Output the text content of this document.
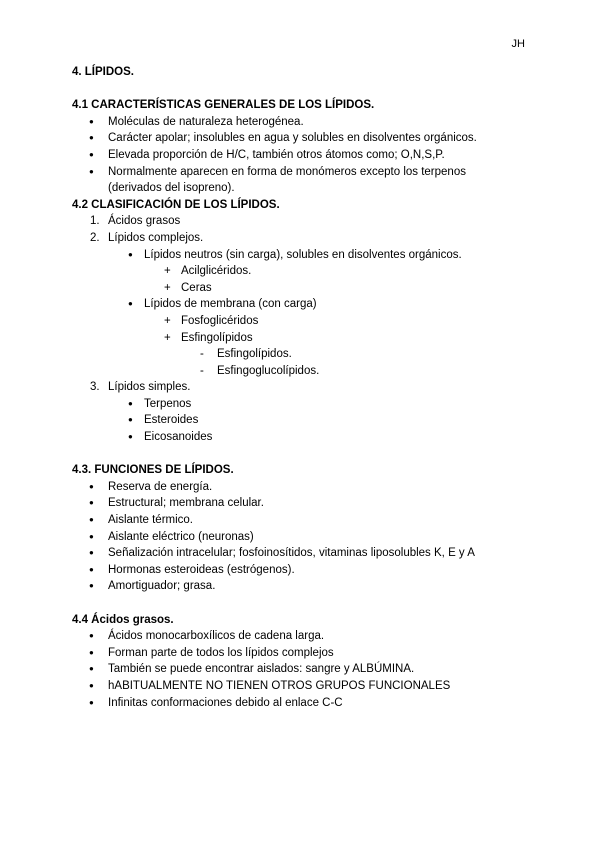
JH

4. LÍPIDOS.

4.1 CARACTERÍSTICAS GENERALES DE LOS LÍPIDOS.

● Moléculas de naturaleza heterogénea.
● Carácter apolar; insolubles en agua y solubles en disolventes orgánicos.
● Elevada proporción de H/C, también otros átomos como; O,N,S,P.
● Normalmente aparecen en forma de monómeros excepto los terpenos
(derivados del isopreno).

4.2 CLASIFICACIÓN DE LOS LÍPIDOS.

1. Ácidos grasos
2. Lípidos complejos.
● Lípidos neutros (sin carga), solubles en disolventes orgánicos.
+ Acilglicéridos.
+ Ceras
● Lípidos de membrana (con carga)
+ Fosfoglicéridos
+ Esfingolípidos
- Esfingolípidos.
- Esfingoglucolípidos.
3. Lípidos simples.
● Terpenos
● Esteroides
● Eicosanoides

4.3. FUNCIONES DE LÍPIDOS.

● Reserva de energía.
● Estructural; membrana celular.
● Aislante térmico.
● Aislante eléctrico (neuronas)
● Señalización intracelular; fosfoinosítidos, vitaminas liposolubles K, E y A
● Hormonas esteroideas (estrógenos).
● Amortiguador; grasa.

4.4 Ácidos grasos.

● Ácidos monocarboxílicos de cadena larga.
● Forman parte de todos los lípidos complejos
● También se puede encontrar aislados: sangre y ALBÚMINA.
● hABITUALMENTE NO TIENEN OTROS GRUPOS FUNCIONALES
● Infinitas conformaciones debido al enlace C-C
